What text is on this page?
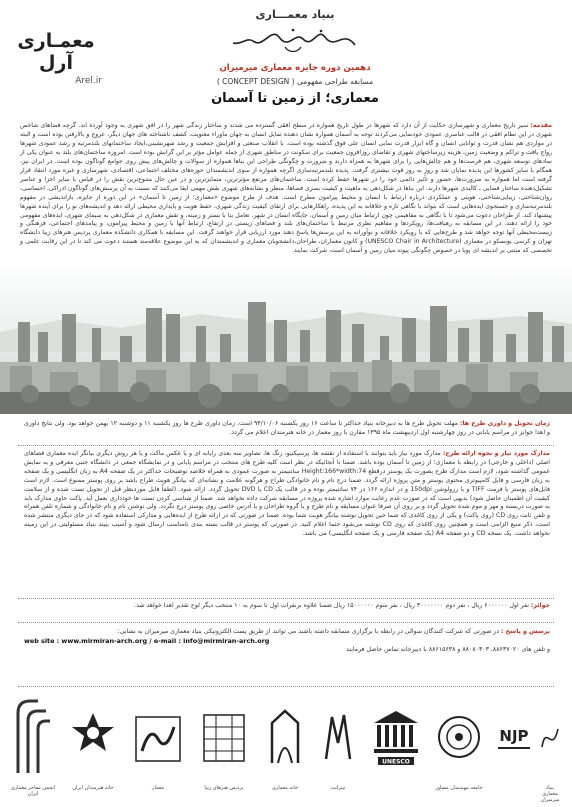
معمـارى آرل
Arel.ir
بنیاد معمـــاری
دهمین دوره جایزه معماری میرمیران
مسابقه طراحی مفهومی ( CONCEPT DESIGN )
معماری؛ از زمین تا آسمان
مقدمه: سیر تاریخ معماری و شهرسازی حکایت از آن دارد که شهرها در طول تاریخ همواره در سطح افقی گسترده می شدند و ساختار زندگی شهر را در افق شهری به وجود آورده اند. گرچه فضاهای شاخص شهری در این نظام افقی در قالب عناصری عمودی خودنمایی می‌کردند توجه به آسمان همواره نشان دهنده تمایل انسان به جهان ماوراء معنویت، کشف ناشناخته های جهان دیگر، عروج و بالارفتن بوده است و البته در مواردی هم نشان قدرت و توانایی انسان و گاه ابزار قدرت نمایی انسان علی فوق گذشته بوده است. با انقلاب صنعتی و افزایش جمعیت و رشد شهرنشینی،ایجاد ساختمانهای بلندمرتبه و رشد عمودی شهرها رواج یافت و تراکم و وضعیت زمین، هزینه زیرساختهای شهری و تقاضای روزافزون جمعیت برای سکونت در مناطق شهری از جمله عوامل مؤثر بر این گرایش بوده است. امروزه ساختمان‌های بلند به عنوان یکی از نمادهای توسعه شهری، هم فرصت‌ها و هم چالش‌هایی را برای شهرها به همراه دارند و ضرورت و چگونگی طراحی این بناها همواره از سوالات و چالش‌های پیش روی جوامع گوناگون بوده است. در ایران نیز، همگام با سایر کشورها این پدیده نمایان شد و روز به روز قوت بیشتری گرفت. پدیده بلندمرتبه‌سازی اگرچه همواره از سوی اندیشمندان حوزه‌های مختلف اجتماعی، اقتصادی، شهرسازی و غیره مورد انتقاد قرار گرفته است اما همواره به ضرورت‌ها، حضور و تأثیر دائمی خود را در شهرها حفظ کرده است. ساختمان‌های مرتفع مؤثرترین، متمایزترین و در عین حال متنوع‌ترین نقش را در قیاس با سایر اجزا و عناصر تشکیل‌دهنده ساختار فضایی ـ کالبدی شهرها دارند. این بناها در شکل‌دهی به ماهیت و کیفیت بصری فضاها، منظر و نشانه‌های شهری نقش مهمی ایفا می‌کنند که نسبت به آن پرسش‌های گوناگون ادراکی، احساسی، روان‌شناختی، زیبایی‌شناختی، هویتی و عملکردی درباره ارتباط با انسان و محیط پیرامون مطرح است. هدف از طرح موضوع «معماری؛ از زمین تا آسمان» در این دوره از جایزه، بازاندیشی در مفهوم بلندمرتبه‌سازی و جستجوی ایده‌هایی است که بتواند با نگاهی تازه و خلاقانه به این پدیده، راهکارهایی برای ارتقای کیفیت زندگی شهری، حفظ هویت و پایداری محیطی ارائه دهد و اندیشه‌های نو را برای آینده شهرها پیشنهاد کند. از طراحان دعوت می‌شود تا با نگاهی به مفاهیمی چون ارتباط میان زمین و آسمان، جایگاه انسان در شهر، تعامل بنا با بستر و زمینه، و نقش معماری در شکل‌دهی به سیمای شهری، ایده‌های مفهومی خود را ارائه دهند. در این مسابقه به رهیافت‌ها، رویکردها و مفاهیم نظری مرتبط با ساختمان‌های بلند و فضاهای زیستی در ارتفاع، ارتباط آنها با زمین و محیط پیرامون، و پیامدهای اجتماعی، فرهنگی و زیست‌محیطی آنها توجه خواهد شد و طرح‌هایی که با رویکرد خلاقانه و نوآورانه به این پرسش‌ها پاسخ دهند مورد ارزیابی قرار خواهند گرفت. این مسابقه با همکاری دانشکده معماری پردیس هنرهای زیبا دانشگاه تهران و کرسی یونسکو در معماری (UNESCO Chair in Architecture) و کانون معماران، طراحان،دانشجویان معماری و اندیشمندان که به این موضوع علاقه‌مند هستند دعوت می کند تا در این رقابت علمی و تخصصی که مبتنی بر اندیشه ای پویا در خصوص چگونگی پیوند میان زمین و آسمان است، شرکت نمایند.
زمان تحویل و داوری طرح ها: مهلت تحویل طرح ها به دبیرخانه بنیاد حداکثر تا ساعت ۱۶ روز یکشنبه ۹۴/۱۰/۰۶ است. زمان داوری طرح ها روز یکشنبه ۱۱ و دوشنبه ۱۲ بهمن خواهد بود. ولی نتایج داوری و اهدا جوایز در مراسم پایانی در روز چهارشنبه اول اردیبهشت ماه ۱۳۹۵ مقارن با روز معمار در خانه هنرمندان اعلام می گردد.
مدارک مورد نیاز و نحوه ارائه طرح: مدارک مورد نیاز باید بتوانند با استفاده از نقشه ها، پرسپکتیو، رنگ ها، تصاویر سه بعدی رایانه ای و یا عکس ماکت و یا هر روش دیگری بیانگر ایده معماری فضاهای اصلی (داخلی و خارجی) در رابطه با معماری؛ از زمین تا آسمان بوده باشد. ضمنا تا آنجائیکه در نظر است کلیه طرح های منتخب در مراسم پایانی و در نمایشگاه جمعی در دانشگاه جنبی معرفی و به نمایش عمومی گذاشته شود، لازم است مدارک طرح بصورت یک پوستر درقطع Height:166*width:74 سانتیمتر به صورت عمودی به همراه خلاصه توضیحات حداکثر در یک صفحه A4 به زبان انگلیسی و یک صفحه به زبان فارسی و فایل کامپیوتری محتوی پوستر و متن پروژه ارائه گردد. ضمنا درج نام و نام خانوادگی طراح و هرگونه علامت و نشانه‌ای که بیانگر هویت طراح باشد بر روی پوستر ممنوع است. لازم است فایل‌های پوستر با فرمت TIFF و با رزولوشن 150dpi و در اندازه ۱۶۶ در ۷۴ سانتیمتر بوده و در قالب یک CD یا DVD تحویل گردد. ارائه شود. (لطفاً فایل موردنظر قبل از تحویل تست شده و از سلامت کیفیت آن اطمینان حاصل شود) بدیهی است که در صورت عدم رعایت موارد اشاره شده پروژه در مسابقه شرکت داده نخواهد شد. ضمنا از شناسی کردن تست ها خودداری بعمل آید. پاکت حاوی مدارک باید به صورت دربسته و مهر و موم شده تحویل گردد و بر روی آن صرفا عنوان مسابقه و نام طرح و یا گروه طراحان و یا آدرس خاصی روی پوستر درج نگردد. ولی نوشتن نام و نام خانوادگی و شماره تلفن همراه و تلفن ثابت روی CD (روی پاکت) و یکی از روی کاغذی که شما حین تحویل نوشته بیانگر هویت شما بوده. ضمنا در صورتی که در ارائه طرح از ایده‌هایی و مدارکی استفاده شود که در جای دیگری منتشر شده است، ذکر منبع الزامی است و همچنین روی کاغذی که روی CD نوشته می‌شود حتما اعلام کنید. در صورتی که پوستر در قالب بسته بندی نامناسب ارسال شود و آسیب ببیند بنیاد مسئولیتی در این زمینه نخواهد داشت. یک نسخه CD و دو صفحه A4 (یک صفحه فارسی و یک صفحه انگلیسی) می باشد.
جوائز: نفر اول ۶۰۰۰۰۰۰ ریال ، نفر دوم ۳۰۰۰۰۰۰۰ ریال ، نفر سوم ۱۵۰۰۰۰۰۰ ریال ضمنا علاوه برنفرات اول تا سوم به ۱۰ منتخب دیگر لوح تقدیر اهدا خواهد شد.
پرسش و پاسخ : در صورتی که شرکت کنندگان سوالی در رابطه با برگزاری مسابقه داشته باشند می توانند از طریق پست الکترونیکی بنیاد معماری میرمیران به نشانی:
web site : www.mirmiran-arch.org / e-mail : info@mirmiran-arch.org
و تلفن های ۸۸۶۳۷۰۲۰، ۸۸۰۸۰۳۰۳ و ۸۸۶۱۵۶۳۸ با دبیرخانه تماس حاصل فرمایند
انجمن مفاخر معماری ایران
خانه هنرمندان ایران	معمار	پردیس هنرهای زیبا	خانه معماری	تیترانت
UNESCO
جامعه مهندسان مشاور
NJP
بنیاد معماری میرمیران
